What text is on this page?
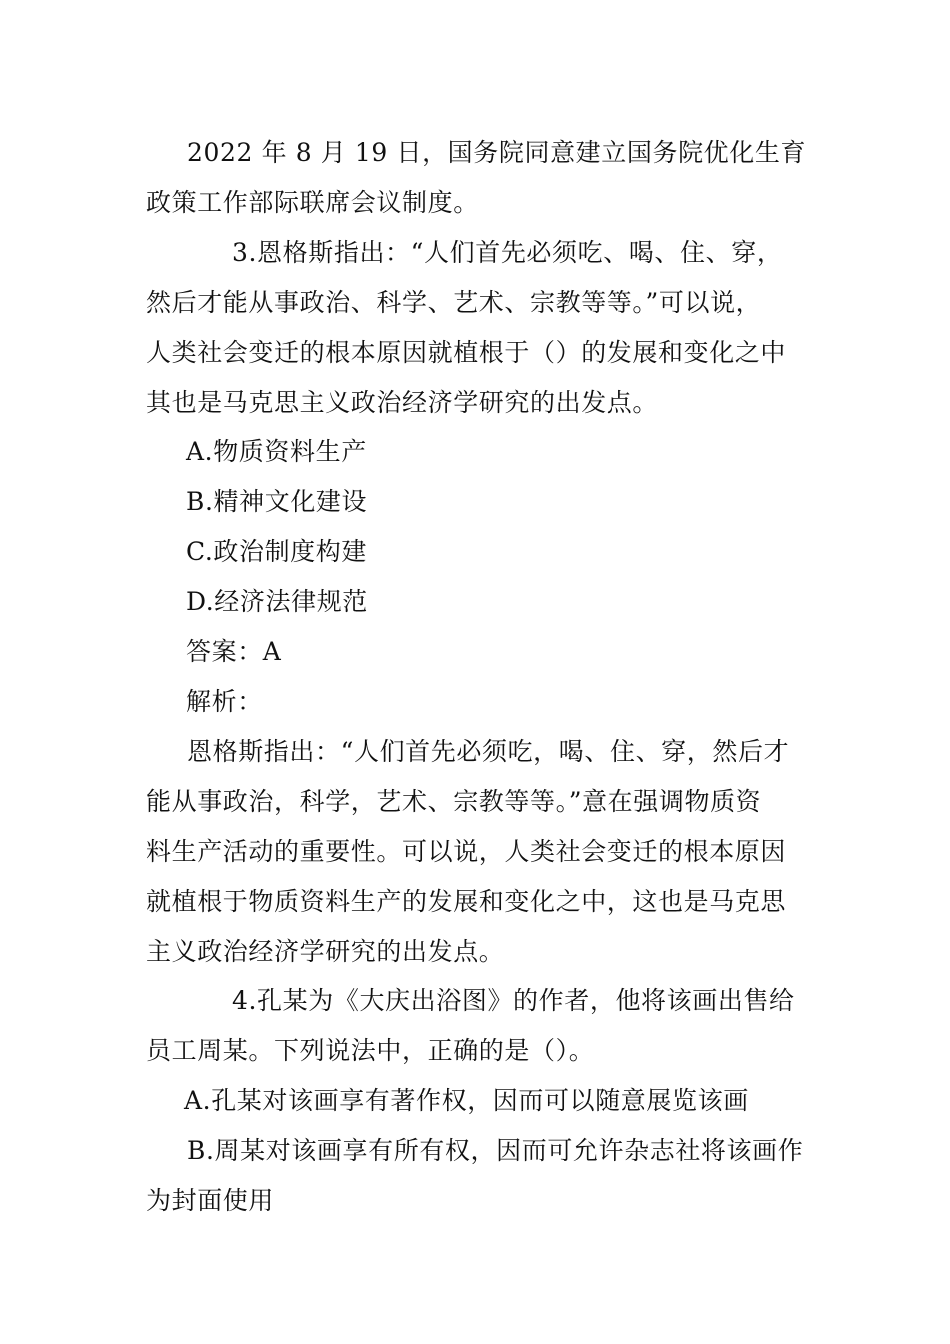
2022 年 8 月 19 日，国务院同意建立国务院优化生育
政策工作部际联席会议制度。
3.恩格斯指出：“人们首先必须吃、喝、住、穿，
然后才能从事政治、科学、艺术、宗教等等。”可以说，
人类社会变迁的根本原因就植根于（）的发展和变化之中
其也是马克思主义政治经济学研究的出发点。
A.物质资料生产
B.精神文化建设
C.政治制度构建
D.经济法律规范
答案：A
解析：
恩格斯指出：“人们首先必须吃，喝、住、穿，然后才
能从事政治，科学，艺术、宗教等等。”意在强调物质资
料生产活动的重要性。可以说，人类社会变迁的根本原因
就植根于物质资料生产的发展和变化之中，这也是马克思
主义政治经济学研究的出发点。
4.孔某为《大庆出浴图》的作者，他将该画出售给
员工周某。下列说法中，正确的是（）。
A.孔某对该画享有著作权，因而可以随意展览该画
B.周某对该画享有所有权，因而可允许杂志社将该画作
为封面使用
